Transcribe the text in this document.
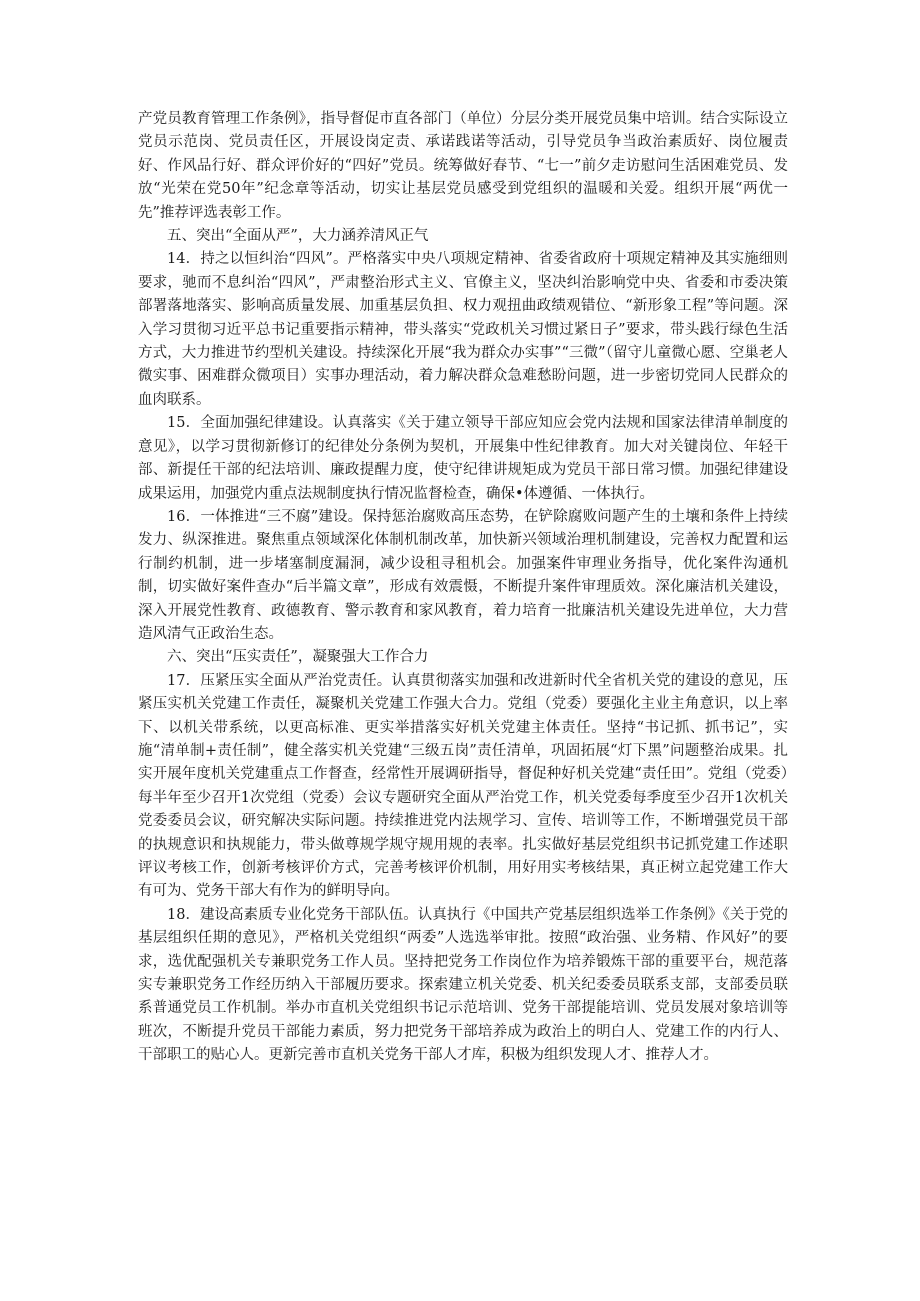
产党员教育管理工作条例》，指导督促市直各部门（单位）分层分类开展党员集中培训。结合实际设立党员示范岗、党员责任区，开展设岗定责、承诺践诺等活动，引导党员争当政治素质好、岗位履责好、作风品行好、群众评价好的“四好”党员。统筹做好春节、“七一”前夕走访慰问生活困难党员、发放“光荣在党50年”纪念章等活动，切实让基层党员感受到党组织的温暖和关爱。组织开展“两优一先”推荐评选表彰工作。

五、突出“全面从严”，大力涵养清风正气

14．持之以恒纠治“四风”。严格落实中央八项规定精神、省委省政府十项规定精神及其实施细则要求，驰而不息纠治“四风”，严肃整治形式主义、官僚主义，坚决纠治影响党中央、省委和市委决策部署落地落实、影响高质量发展、加重基层负担、权力观扭曲政绩观错位、“新形象工程”等问题。深入学习贯彻习近平总书记重要指示精神，带头落实“党政机关习惯过紧日子”要求，带头践行绿色生活方式，大力推进节约型机关建设。持续深化开展“我为群众办实事”“三微”（留守儿童微心愿、空巢老人微实事、困难群众微项目）实事办理活动，着力解决群众急难愁盼问题，进一步密切党同人民群众的血肉联系。

15．全面加强纪律建设。认真落实《关于建立领导干部应知应会党内法规和国家法律清单制度的意见》，以学习贯彻新修订的纪律处分条例为契机，开展集中性纪律教育。加大对关键岗位、年轻干部、新提任干部的纪法培训、廉政提醒力度，使守纪律讲规矩成为党员干部日常习惯。加强纪律建设成果运用，加强党内重点法规制度执行情况监督检查，确保•体遵循、一体执行。

16．一体推进“三不腐”建设。保持惩治腐败高压态势，在铲除腐败问题产生的土壤和条件上持续发力、纵深推进。聚焦重点领域深化体制机制改革，加快新兴领域治理机制建设，完善权力配置和运行制约机制，进一步堵塞制度漏洞，减少设租寻租机会。加强案件审理业务指导，优化案件沟通机制，切实做好案件查办“后半篇文章”，形成有效震慑，不断提升案件审理质效。深化廉洁机关建设，深入开展党性教育、政德教育、警示教育和家风教育，着力培育一批廉洁机关建设先进单位，大力营造风清气正政治生态。

六、突出“压实责任”，凝聚强大工作合力

17．压紧压实全面从严治党责任。认真贯彻落实加强和改进新时代全省机关党的建设的意见，压紧压实机关党建工作责任，凝聚机关党建工作强大合力。党组（党委）要强化主业主角意识，以上率下、以机关带系统，以更高标准、更实举措落实好机关党建主体责任。坚持“书记抓、抓书记”，实施“清单制+责任制”，健全落实机关党建“三级五岗”责任清单，巩固拓展“灯下黑”问题整治成果。扎实开展年度机关党建重点工作督查，经常性开展调研指导，督促种好机关党建“责任田”。党组（党委）每半年至少召开1次党组（党委）会议专题研究全面从严治党工作，机关党委每季度至少召开1次机关党委委员会议，研究解决实际问题。持续推进党内法规学习、宣传、培训等工作，不断增强党员干部的执规意识和执规能力，带头做尊规学规守规用规的表率。扎实做好基层党组织书记抓党建工作述职评议考核工作，创新考核评价方式，完善考核评价机制，用好用实考核结果，真正树立起党建工作大有可为、党务干部大有作为的鲜明导向。

18．建设高素质专业化党务干部队伍。认真执行《中国共产党基层组织选举工作条例》《关于党的基层组织任期的意见》，严格机关党组织“两委”人选选举审批。按照“政治强、业务精、作风好”的要求，选优配强机关专兼职党务工作人员。坚持把党务工作岗位作为培养锻炼干部的重要平台，规范落实专兼职党务工作经历纳入干部履历要求。探索建立机关党委、机关纪委委员联系支部，支部委员联系普通党员工作机制。举办市直机关党组织书记示范培训、党务干部提能培训、党员发展对象培训等班次，不断提升党员干部能力素质，努力把党务干部培养成为政治上的明白人、党建工作的内行人、干部职工的贴心人。更新完善市直机关党务干部人才库，积极为组织发现人才、推荐人才。
